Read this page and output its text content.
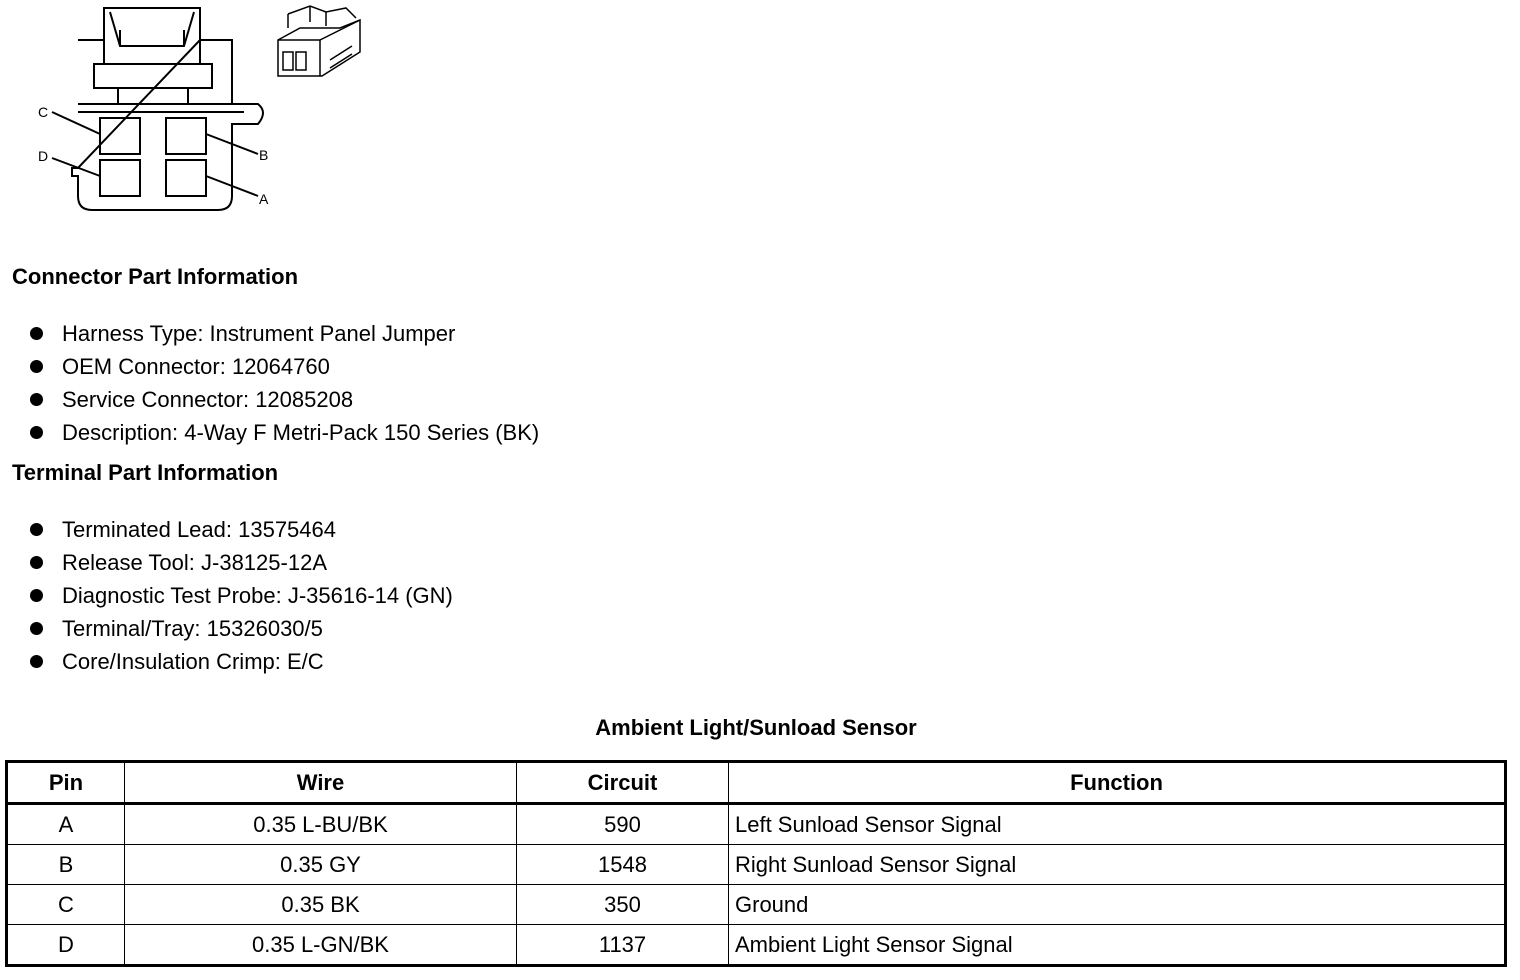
C
D	B
A
Connector Part Information
Harness Type: Instrument Panel Jumper
OEM Connector: 12064760
Service Connector: 12085208
Description: 4-Way F Metri-Pack 150 Series (BK)
Terminal Part Information
Terminated Lead: 13575464
Release Tool: J-38125-12A
Diagnostic Test Probe: J-35616-14 (GN)
Terminal/Tray: 15326030/5
Core/Insulation Crimp: E/C
Ambient Light/Sunload Sensor
Pin	Wire	Circuit	Function
A	0.35 L-BU/BK	590	Left Sunload Sensor Signal
B	0.35 GY	1548	Right Sunload Sensor Signal
C	0.35 BK	350	Ground
D	0.35 L-GN/BK	1137	Ambient Light Sensor Signal
